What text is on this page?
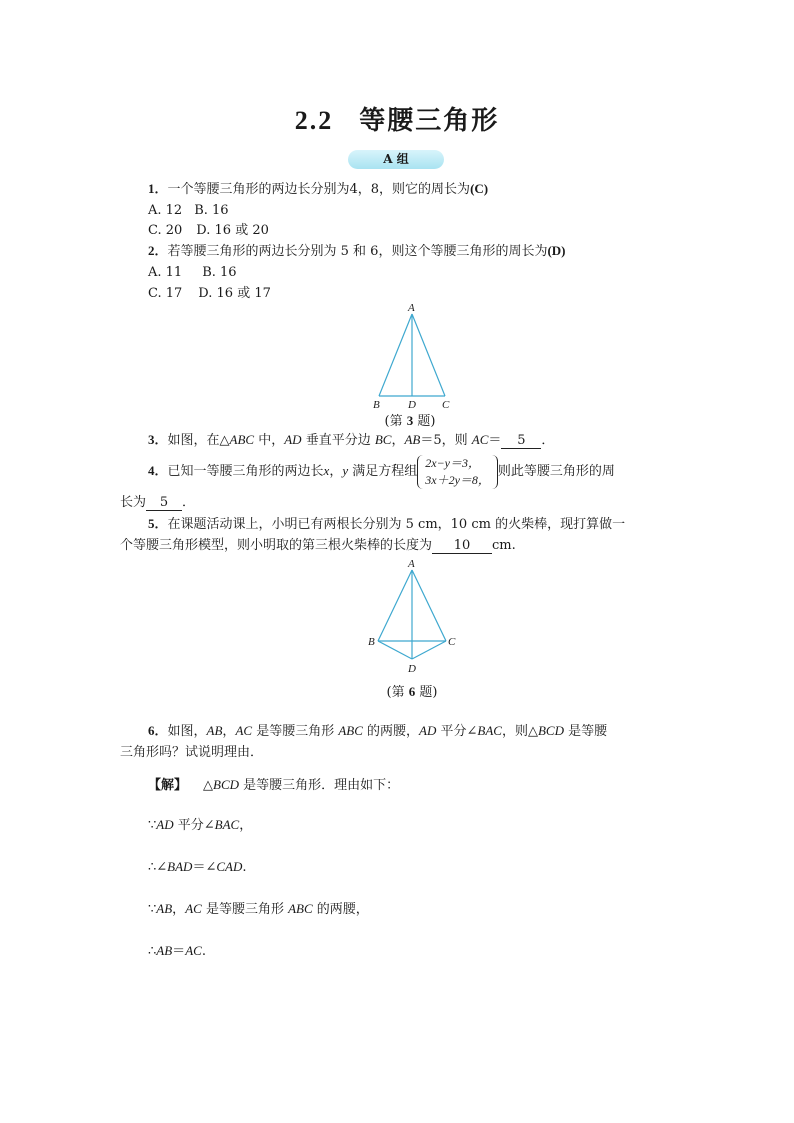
2.2 等腰三角形
A 组
1．一个等腰三角形的两边长分别为4，8，则它的周长为(C)
A. 12 B. 16
C. 20 D. 16 或 20
2．若等腰三角形的两边长分别为 5 和 6，则这个等腰三角形的周长为(D)
A. 11 B. 16
C. 17 D. 16 或 17
A
B	D C
(第 3 题)
3．如图，在△ABC 中，AD 垂直平分边 BC，AB＝5，则 AC＝ 5 ．
4．已知一等腰三角形的两边长x，y 满足方程组
2x−y＝3，
3x＋2y＝8，
则此等腰三角形的周
长为 5 ．
5．在课题活动课上，小明已有两根长分别为 5 cm，10 cm 的火柴棒，现打算做一
个等腰三角形模型，则小明取的第三根火柴棒的长度为 10 cm.
A
B	C
D
(第 6 题)
6．如图，AB，AC 是等腰三角形 ABC 的两腰，AD 平分∠BAC，则△BCD 是等腰
三角形吗？试说明理由．
【解】 △BCD 是等腰三角形．理由如下：
∵AD 平分∠BAC，
∴∠BAD＝∠CAD.
∵AB，AC 是等腰三角形 ABC 的两腰，
∴AB＝AC.
